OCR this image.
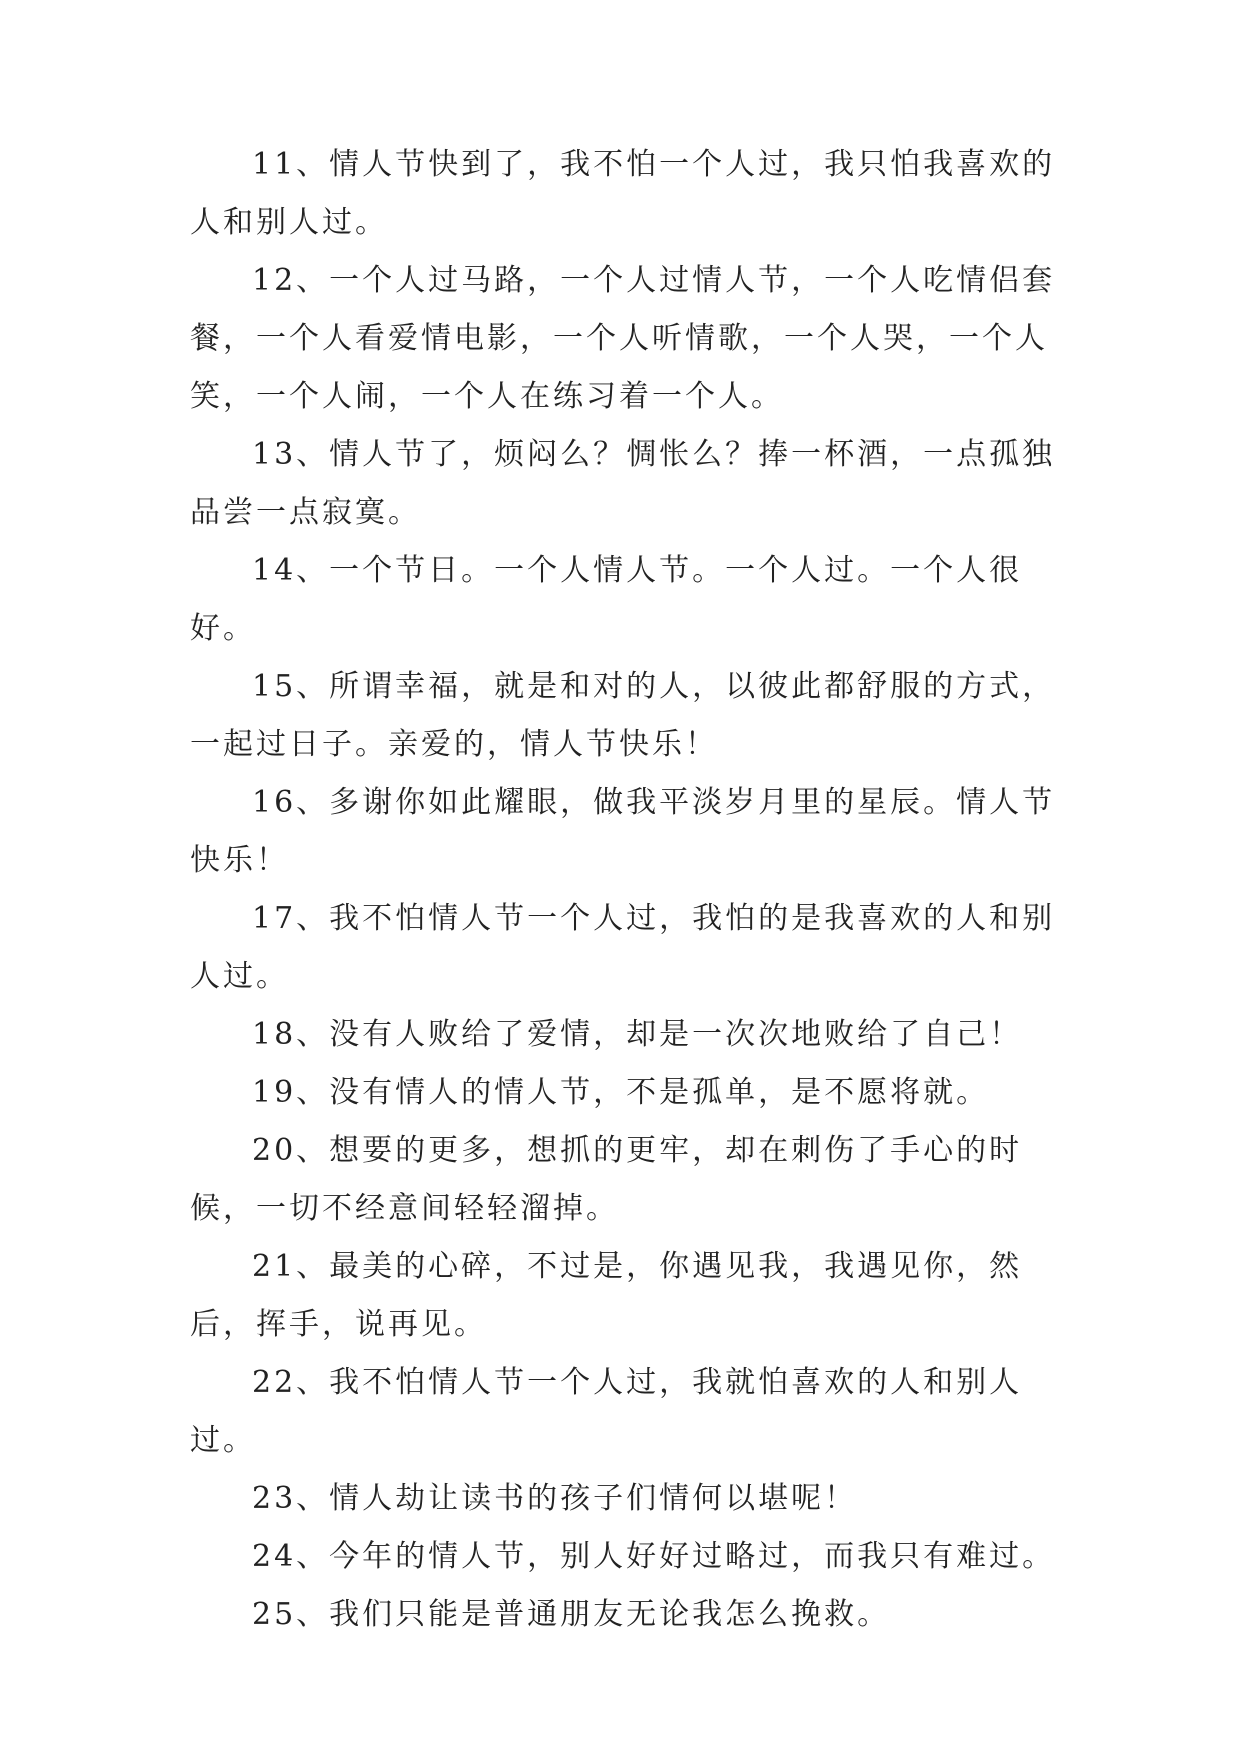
11、情人节快到了，我不怕一个人过，我只怕我喜欢的人和别人过。

12、一个人过马路，一个人过情人节，一个人吃情侣套餐，一个人看爱情电影，一个人听情歌，一个人哭，一个人笑，一个人闹，一个人在练习着一个人。

13、情人节了，烦闷么？惆怅么？捧一杯酒，一点孤独品尝一点寂寞。

14、一个节日。一个人情人节。一个人过。一个人很好。

15、所谓幸福，就是和对的人，以彼此都舒服的方式，一起过日子。亲爱的，情人节快乐！

16、多谢你如此耀眼，做我平淡岁月里的星辰。情人节快乐！

17、我不怕情人节一个人过，我怕的是我喜欢的人和别人过。

18、没有人败给了爱情，却是一次次地败给了自己！

19、没有情人的情人节，不是孤单，是不愿将就。

20、想要的更多，想抓的更牢，却在刺伤了手心的时候，一切不经意间轻轻溜掉。

21、最美的心碎，不过是，你遇见我，我遇见你，然后，挥手，说再见。

22、我不怕情人节一个人过，我就怕喜欢的人和别人过。

23、情人劫让读书的孩子们情何以堪呢！

24、今年的情人节，别人好好过略过，而我只有难过。

25、我们只能是普通朋友无论我怎么挽救。
